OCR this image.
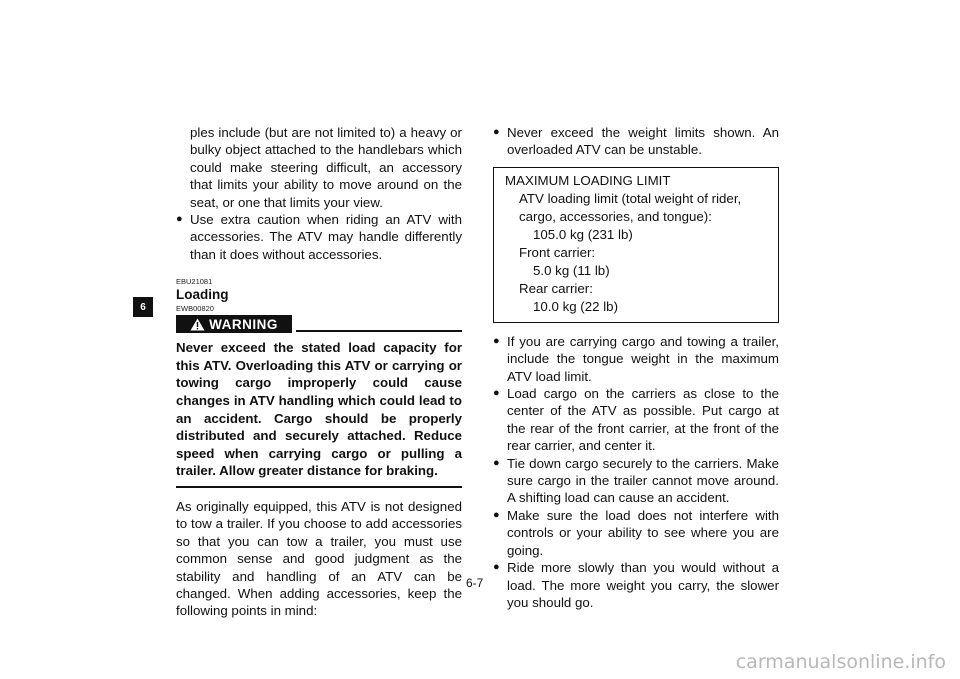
6

ples include (but are not limited to) a heavy or bulky object attached to the handlebars which could make steering difficult, an accessory that limits your ability to move around on the seat, or one that limits your view.

● Use extra caution when riding an ATV with accessories. The ATV may handle differently than it does without accessories.

EBU21081
Loading
EWB00820
WARNING

Never exceed the stated load capacity for this ATV. Overloading this ATV or carrying or towing cargo improperly could cause changes in ATV handling which could lead to an accident. Cargo should be properly distributed and securely attached. Reduce speed when carrying cargo or pulling a trailer. Allow greater distance for braking.

As originally equipped, this ATV is not designed to tow a trailer. If you choose to add accessories so that you can tow a trailer, you must use common sense and good judgment as the stability and handling of an ATV can be changed. When adding accessories, keep the following points in mind:

● Never exceed the weight limits shown. An overloaded ATV can be unstable.

MAXIMUM LOADING LIMIT
ATV loading limit (total weight of rider, cargo, accessories, and tongue):
105.0 kg (231 lb)
Front carrier:
5.0 kg (11 lb)
Rear carrier:
10.0 kg (22 lb)
● If you are carrying cargo and towing a trailer, include the tongue weight in the maximum ATV load limit.

● Load cargo on the carriers as close to the center of the ATV as possible. Put cargo at the rear of the front carrier, at the front of the rear carrier, and center it.

● Tie down cargo securely to the carriers. Make sure cargo in the trailer cannot move around. A shifting load can cause an accident.

● Make sure the load does not interfere with controls or your ability to see where you are going.

● Ride more slowly than you would without a load. The more weight you carry, the slower you should go.

6-7
carmanualsonline.info
